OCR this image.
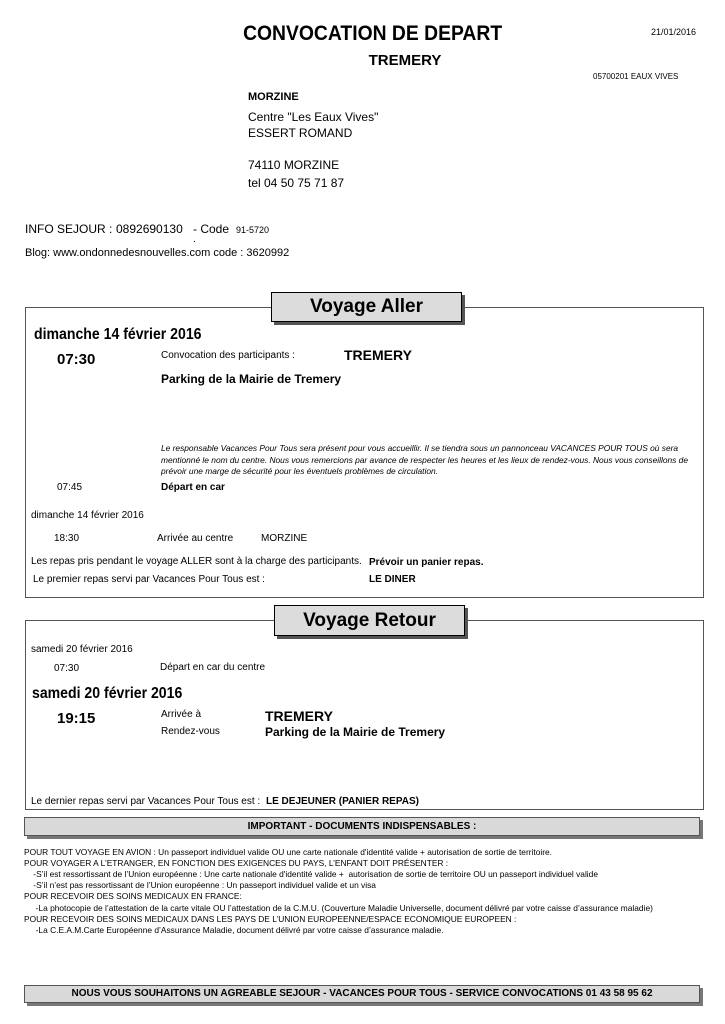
CONVOCATION DE DEPART
TREMERY
21/01/2016
05700201 EAUX VIVES
MORZINE
Centre "Les Eaux Vives"
ESSERT ROMAND
74110 MORZINE
tel 04 50 75 71 87
INFO SEJOUR : 0892690130 - Code
.
91-5720
Blog: www.ondonnedesnouvelles.com code : 3620992
Voyage Aller
dimanche 14 février 2016
07:30	Convocation des participants :	TREMERY
Parking de la Mairie de Tremery
Le responsable Vacances Pour Tous sera présent pour vous accueillir. Il se tiendra sous un pannonceau VACANCES POUR TOUS où sera mentionné le nom du centre. Nous vous remercions par avance de respecter les heures et les lieux de rendez-vous. Nous vous conseillons de prévoir une marge de sécurité pour les éventuels problèmes de circulation.
07:45	Départ en car
dimanche 14 février 2016
18:30	Arrivée au centre	MORZINE
Les repas pris pendant le voyage ALLER sont à la charge des participants. Prévoir un panier repas.
Le premier repas servi par Vacances Pour Tous est :	LE DINER
Voyage Retour
samedi 20 février 2016
07:30	Départ en car du centre
samedi 20 février 2016
19:15	Arrivée à	TREMERY
Rendez-vous	Parking de la Mairie de Tremery
Le dernier repas servi par Vacances Pour Tous est : LE DEJEUNER (PANIER REPAS)
IMPORTANT - DOCUMENTS INDISPENSABLES :
POUR TOUT VOYAGE EN AVION : Un passeport individuel valide OU une carte nationale d'identité valide + autorisation de sortie de territoire.
POUR VOYAGER A L’ETRANGER, EN FONCTION DES EXIGENCES DU PAYS, L’ENFANT DOIT PRÉSENTER :
-S’il est ressortissant de l’Union européenne : Une carte nationale d'identité valide +  autorisation de sortie de territoire OU un passeport individuel valide
-S’il n’est pas ressortissant de l’Union européenne : Un passeport individuel valide et un visa
POUR RECEVOIR DES SOINS MEDICAUX EN FRANCE:
-La photocopie de l’attestation de la carte vitale OU l’attestation de la C.M.U. (Couverture Maladie Universelle, document délivré par votre caisse d’assurance maladie)
POUR RECEVOIR DES SOINS MEDICAUX DANS LES PAYS DE L’UNION EUROPEENNE/ESPACE ECONOMIQUE EUROPEEN :
-La C.E.A.M.Carte Européenne d’Assurance Maladie, document délivré par votre caisse d’assurance maladie.
NOUS VOUS SOUHAITONS UN AGREABLE SEJOUR - VACANCES POUR TOUS - SERVICE CONVOCATIONS 01 43 58 95 62
